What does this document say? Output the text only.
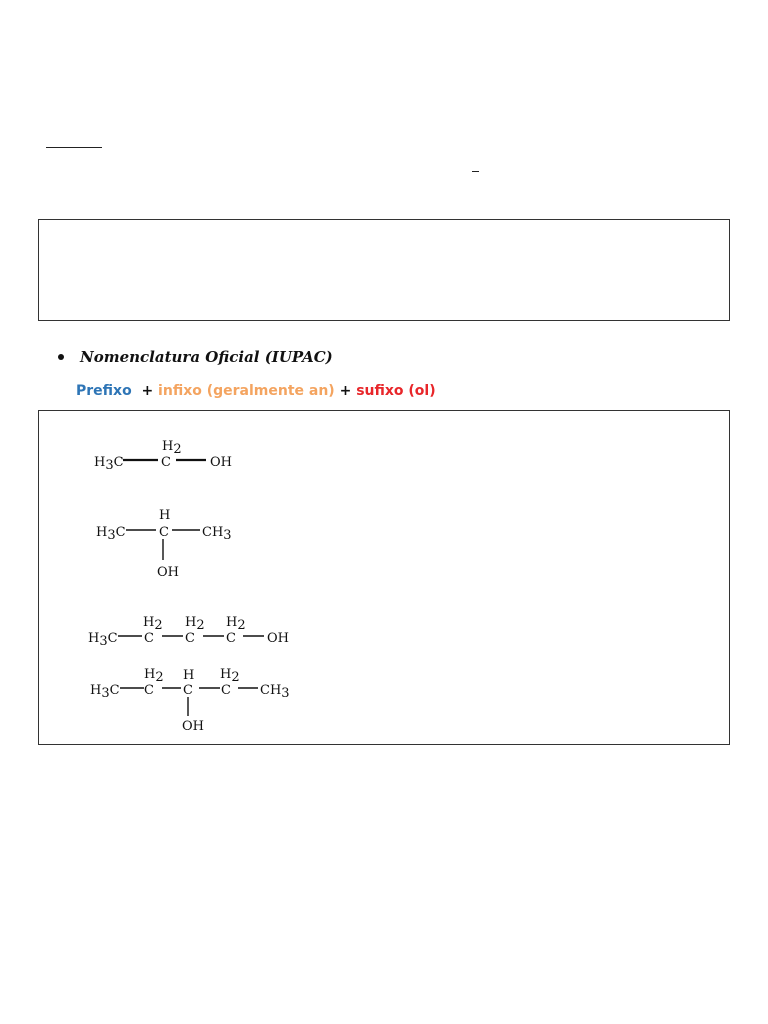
Nomenclatura Oficial (IUPAC)
Prefixo + infixo (geralmente an) + sufixo (ol)
H3C
H2
C	OH
H3C
H
C	CH3
OH
H3C
H2
C
H2
C
H2
C OH
H3C
H2
C
H
C
H2
C CH3
OH
